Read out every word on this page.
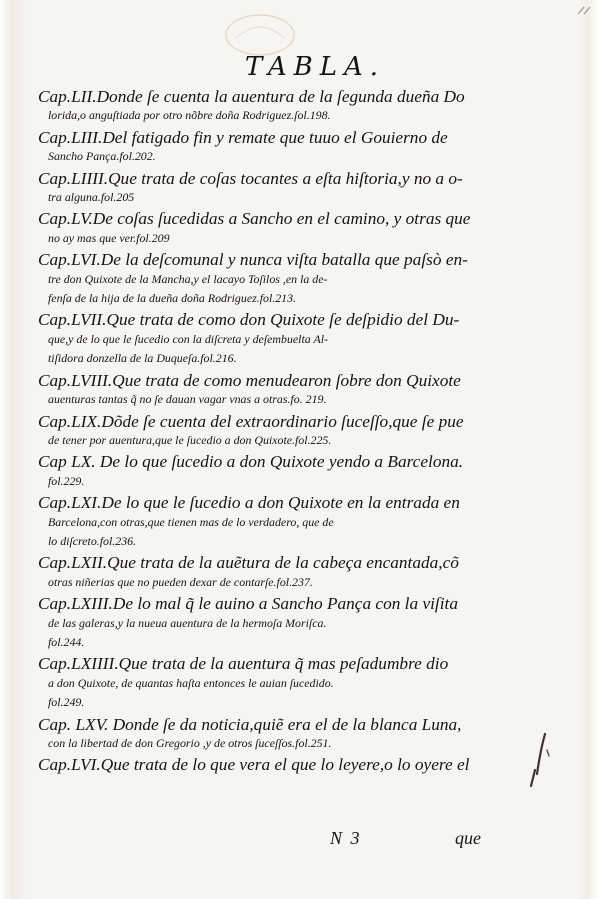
TABLA.
Cap.LII.Donde ſe cuenta la auentura de la ſegunda dueña Do
lorida,o anguſtiada por otro nõbre doña Rodriguez.ſol.198.
Cap.LIII.Del fatigado fin y remate que tuuo el Gouierno de
Sancho Pança.fol.202.
Cap.LIIII.Que trata de coſas tocantes a eſta hiſtoria,y no a o-
tra alguna.fol.205
Cap.LV.De coſas ſucedidas a Sancho en el camino, y otras que
no ay mas que ver.fol.209
Cap.LVI.De la deſcomunal y nunca viſta batalla que paſsò en-
tre don Quixote de la Mancha,y el lacayo Toſilos ,en la de-
fenſa de la hija de la dueña doña Rodriguez.fol.213.
Cap.LVII.Que trata de como don Quixote ſe deſpidio del Du-
que,y de lo que le ſucedio con la diſcreta y deſembuelta Al-
tiſidora donzella de la Duqueſa.fol.216.
Cap.LVIII.Que trata de como menudearon ſobre don Quixote
auenturas tantas q̃ no ſe dauan vagar vnas a otras.fo. 219.
Cap.LIX.Dõde ſe cuenta del extraordinario ſuceſſo,que ſe pue
de tener por auentura,que le ſucedio a don Quixote.fol.225.
Cap LX. De lo que ſucedio a don Quixote yendo a Barcelona.
fol.229.
Cap.LXI.De lo que le ſucedio a don Quixote en la entrada en
Barcelona,con otras,que tienen mas de lo verdadero, que de
lo diſcreto.fol.236.
Cap.LXII.Que trata de la auẽtura de la cabeça encantada,cõ
otras niñerias que no pueden dexar de contarſe.fol.237.
Cap.LXIII.De lo mal q̃ le auino a Sancho Pança con la viſita
de las galeras,y la nueua auentura de la hermoſa Moriſca.
fol.244.
Cap.LXIIII.Que trata de la auentura q̃ mas peſadumbre dio
a don Quixote, de quantas haſta entonces le auian ſucedido.
fol.249.
Cap. LXV. Donde ſe da noticia,quiẽ era el de la blanca Luna,
con la libertad de don Gregorio ,y de otros ſuceſſos.fol.251.
Cap.LVI.Que trata de lo que vera el que lo leyere,o lo oyere el
N 3	que
